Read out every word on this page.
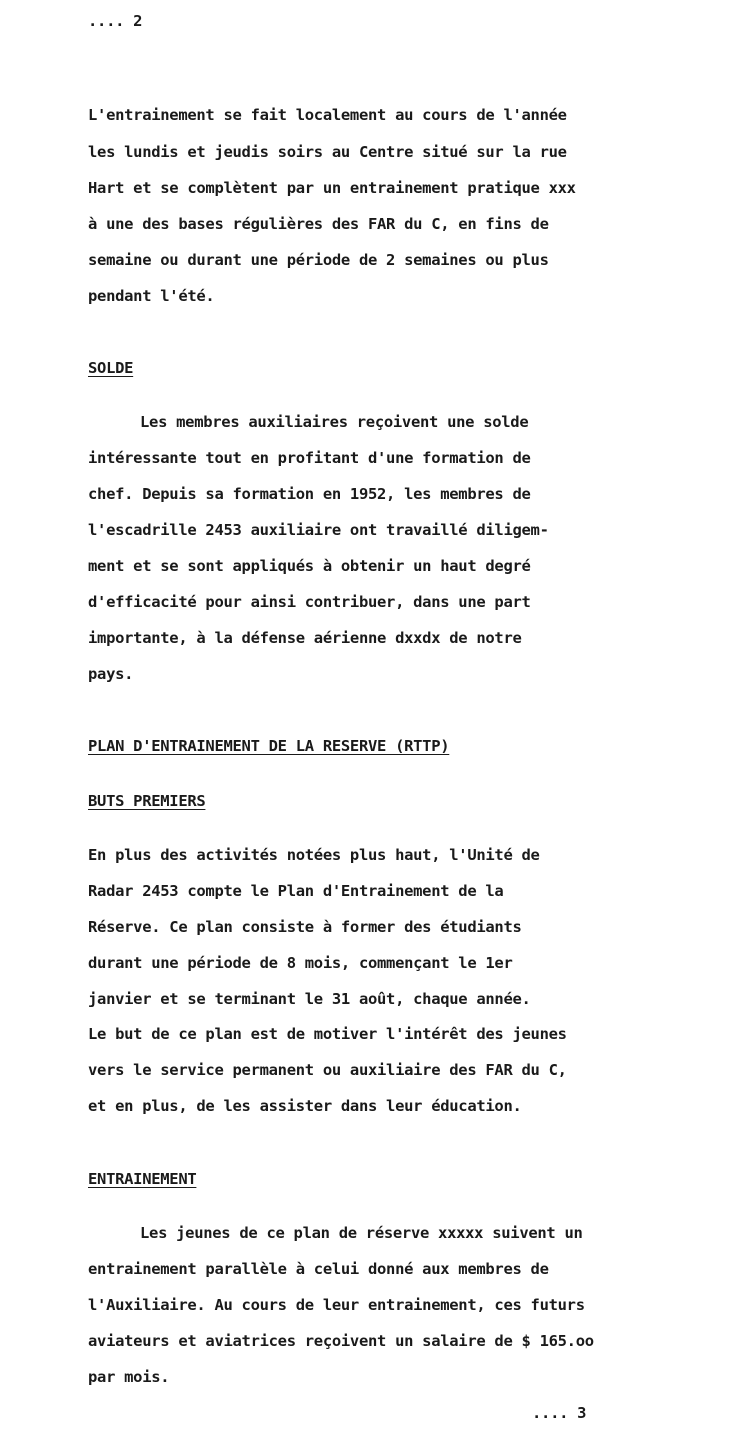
.... 2
L'entrainement se fait localement au cours de l'année
les lundis et jeudis soirs au Centre situé sur la rue
Hart et se complètent par un entrainement pratique xxx
à une des bases régulières des FAR du C, en fins de
semaine ou durant une période de 2 semaines ou plus
pendant l'été.
SOLDE
Les membres auxiliaires reçoivent une solde
intéressante tout en profitant d'une formation de
chef. Depuis sa formation en 1952, les membres de
l'escadrille 2453 auxiliaire ont travaillé diligem-
ment et se sont appliqués à obtenir un haut degré
d'efficacité pour ainsi contribuer, dans une part
importante, à la défense aérienne dxxdx de notre
pays.
PLAN D'ENTRAINEMENT DE LA RESERVE (RTTP)
BUTS PREMIERS
En plus des activités notées plus haut, l'Unité de
Radar 2453 compte le Plan d'Entrainement de la
Réserve. Ce plan consiste à former des étudiants
durant une période de 8 mois, commençant le 1er
janvier et se terminant le 31 août, chaque année.
Le but de ce plan est de motiver l'intérêt des jeunes
vers le service permanent ou auxiliaire des FAR du C,
et en plus, de les assister dans leur éducation.
ENTRAINEMENT
Les jeunes de ce plan de réserve xxxxx suivent un
entrainement parallèle à celui donné aux membres de
l'Auxiliaire. Au cours de leur entrainement, ces futurs
aviateurs et aviatrices reçoivent un salaire de $ 165.oo
par mois.
.... 3
